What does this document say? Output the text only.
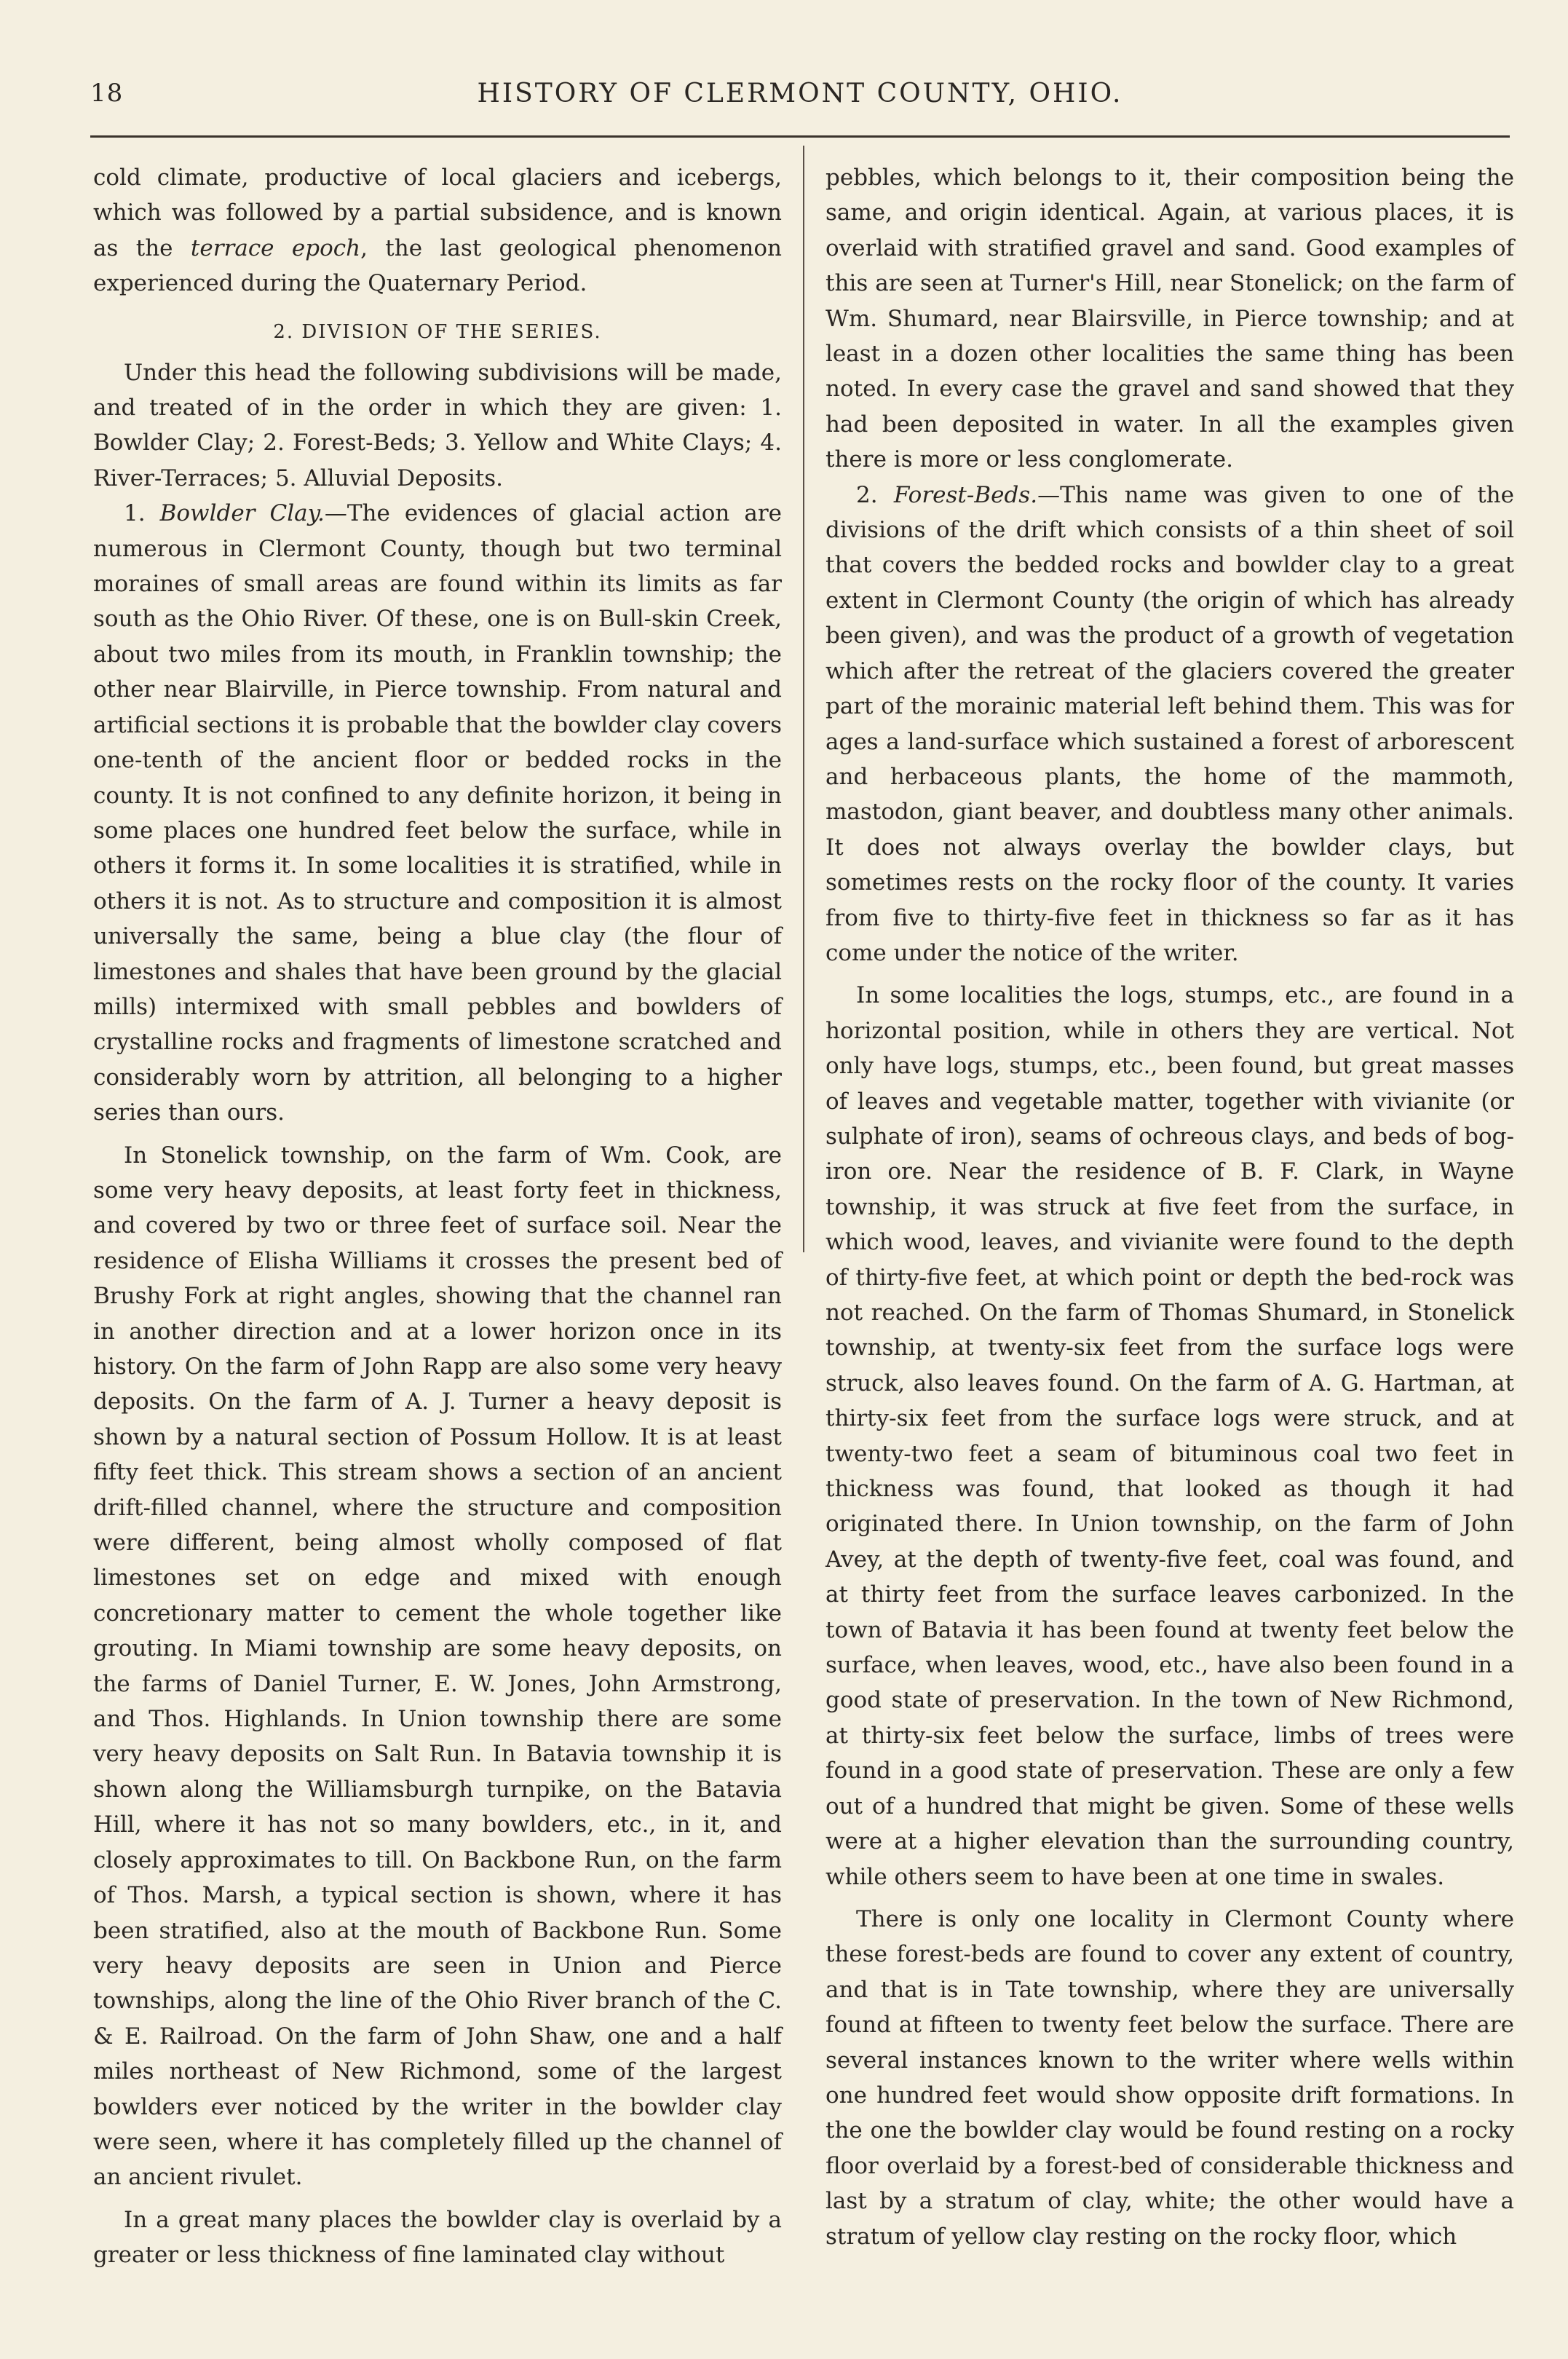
18	HISTORY OF CLERMONT COUNTY, OHIO.

cold climate, productive of local glaciers and icebergs, which was followed by a partial subsidence, and is known as the terrace epoch, the last geological phenomenon experienced during the Quaternary Period.

2. DIVISION OF THE SERIES.

Under this head the following subdivisions will be made, and treated of in the order in which they are given: 1. Bowlder Clay; 2. Forest-Beds; 3. Yellow and White Clays; 4. River-Terraces; 5. Alluvial Deposits.

1. Bowlder Clay.—The evidences of glacial action are numerous in Clermont County, though but two terminal moraines of small areas are found within its limits as far south as the Ohio River. Of these, one is on Bull-skin Creek, about two miles from its mouth, in Franklin township; the other near Blairville, in Pierce township. From natural and artificial sections it is probable that the bowlder clay covers one-tenth of the ancient floor or bedded rocks in the county. It is not confined to any definite horizon, it being in some places one hundred feet below the surface, while in others it forms it. In some localities it is stratified, while in others it is not. As to structure and composition it is almost universally the same, being a blue clay (the flour of limestones and shales that have been ground by the glacial mills) intermixed with small pebbles and bowlders of crystalline rocks and fragments of limestone scratched and considerably worn by attrition, all belonging to a higher series than ours.

In Stonelick township, on the farm of Wm. Cook, are some very heavy deposits, at least forty feet in thickness, and covered by two or three feet of surface soil. Near the residence of Elisha Williams it crosses the present bed of Brushy Fork at right angles, showing that the channel ran in another direction and at a lower horizon once in its history. On the farm of John Rapp are also some very heavy deposits. On the farm of A. J. Turner a heavy deposit is shown by a natural section of Possum Hollow. It is at least fifty feet thick. This stream shows a section of an ancient drift-filled channel, where the structure and composition were different, being almost wholly composed of flat limestones set on edge and mixed with enough concretionary matter to cement the whole together like grouting. In Miami township are some heavy deposits, on the farms of Daniel Turner, E. W. Jones, John Armstrong, and Thos. Highlands. In Union township there are some very heavy deposits on Salt Run. In Batavia township it is shown along the Williamsburgh turnpike, on the Batavia Hill, where it has not so many bowlders, etc., in it, and closely approximates to till. On Backbone Run, on the farm of Thos. Marsh, a typical section is shown, where it has been stratified, also at the mouth of Backbone Run. Some very heavy deposits are seen in Union and Pierce townships, along the line of the Ohio River branch of the C. & E. Railroad. On the farm of John Shaw, one and a half miles northeast of New Richmond, some of the largest bowlders ever noticed by the writer in the bowlder clay were seen, where it has completely filled up the channel of an ancient rivulet.

In a great many places the bowlder clay is overlaid by a greater or less thickness of fine laminated clay without

pebbles, which belongs to it, their composition being the same, and origin identical. Again, at various places, it is overlaid with stratified gravel and sand. Good examples of this are seen at Turner's Hill, near Stonelick; on the farm of Wm. Shumard, near Blairsville, in Pierce township; and at least in a dozen other localities the same thing has been noted. In every case the gravel and sand showed that they had been deposited in water. In all the examples given there is more or less conglomerate.

2. Forest-Beds.—This name was given to one of the divisions of the drift which consists of a thin sheet of soil that covers the bedded rocks and bowlder clay to a great extent in Clermont County (the origin of which has already been given), and was the product of a growth of vegetation which after the retreat of the glaciers covered the greater part of the morainic material left behind them. This was for ages a land-surface which sustained a forest of arborescent and herbaceous plants, the home of the mammoth, mastodon, giant beaver, and doubtless many other animals. It does not always overlay the bowlder clays, but sometimes rests on the rocky floor of the county. It varies from five to thirty-five feet in thickness so far as it has come under the notice of the writer.

In some localities the logs, stumps, etc., are found in a horizontal position, while in others they are vertical. Not only have logs, stumps, etc., been found, but great masses of leaves and vegetable matter, together with vivianite (or sulphate of iron), seams of ochreous clays, and beds of bog-iron ore. Near the residence of B. F. Clark, in Wayne township, it was struck at five feet from the surface, in which wood, leaves, and vivianite were found to the depth of thirty-five feet, at which point or depth the bed-rock was not reached. On the farm of Thomas Shumard, in Stonelick township, at twenty-six feet from the surface logs were struck, also leaves found. On the farm of A. G. Hartman, at thirty-six feet from the surface logs were struck, and at twenty-two feet a seam of bituminous coal two feet in thickness was found, that looked as though it had originated there. In Union township, on the farm of John Avey, at the depth of twenty-five feet, coal was found, and at thirty feet from the surface leaves carbonized. In the town of Batavia it has been found at twenty feet below the surface, when leaves, wood, etc., have also been found in a good state of preservation. In the town of New Richmond, at thirty-six feet below the surface, limbs of trees were found in a good state of preservation. These are only a few out of a hundred that might be given. Some of these wells were at a higher elevation than the surrounding country, while others seem to have been at one time in swales.

There is only one locality in Clermont County where these forest-beds are found to cover any extent of country, and that is in Tate township, where they are universally found at fifteen to twenty feet below the surface. There are several instances known to the writer where wells within one hundred feet would show opposite drift formations. In the one the bowlder clay would be found resting on a rocky floor overlaid by a forest-bed of considerable thickness and last by a stratum of clay, white; the other would have a stratum of yellow clay resting on the rocky floor, which
